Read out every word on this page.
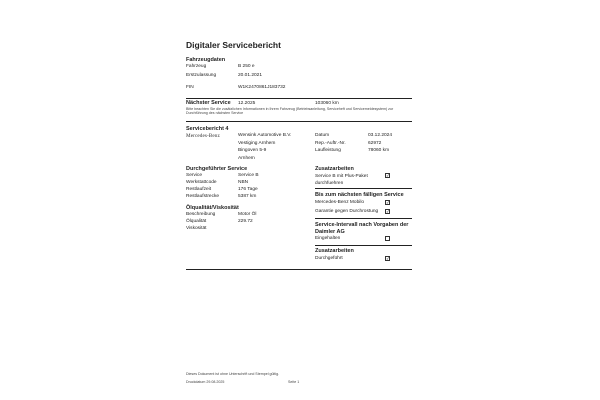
Digitaler Servicebericht
Fahrzeugdaten
Fahrzeug	B 250 e
Erstzulassung	20.01.2021
FIN	W1K2470861J183732
Nächster Service 12.2025	103060 km
Bitte beachten Sie die zusätzlichen Informationen in Ihrem Fahrzeug (Betriebsanleitung, Serviceheft und Servicemeldesystem) zur Durchführung des nächsten Service
Servicebericht 4
Mercedes-Benz	Wensink Automotive B.V.
Vestiging Arnhem
Bingoven 5-9
Arnhem
Datum	03.12.2024
Rep.-Auftr.-Nr.	62972
Laufleistung	78060 km
Durchgeführter Service
Service	Service B
Werkstattcode	NBN
Restlaufzeit	176 Tage
Restlaufstrecke	5387 km
Ölqualität/Viskosität
Beschreibung	Motor Öl
Ölqualität	229.72
Viskosität
Zusatzarbeiten
Service B mit Plus-Paket durchfuehren
✓
Bis zum nächsten fälligen Service
Mercedes-Benz Mobilo	✓
Garantie gegen Durchrostung ✓
Service-Intervall nach Vorgaben der Daimler AG
Eingehalten
Zusatzarbeiten
Durchgeführt	✓
Dieses Dokument ist ohne Unterschrift und Stempel gültig.
Druckdatum 29.08.2025	Seite 1
